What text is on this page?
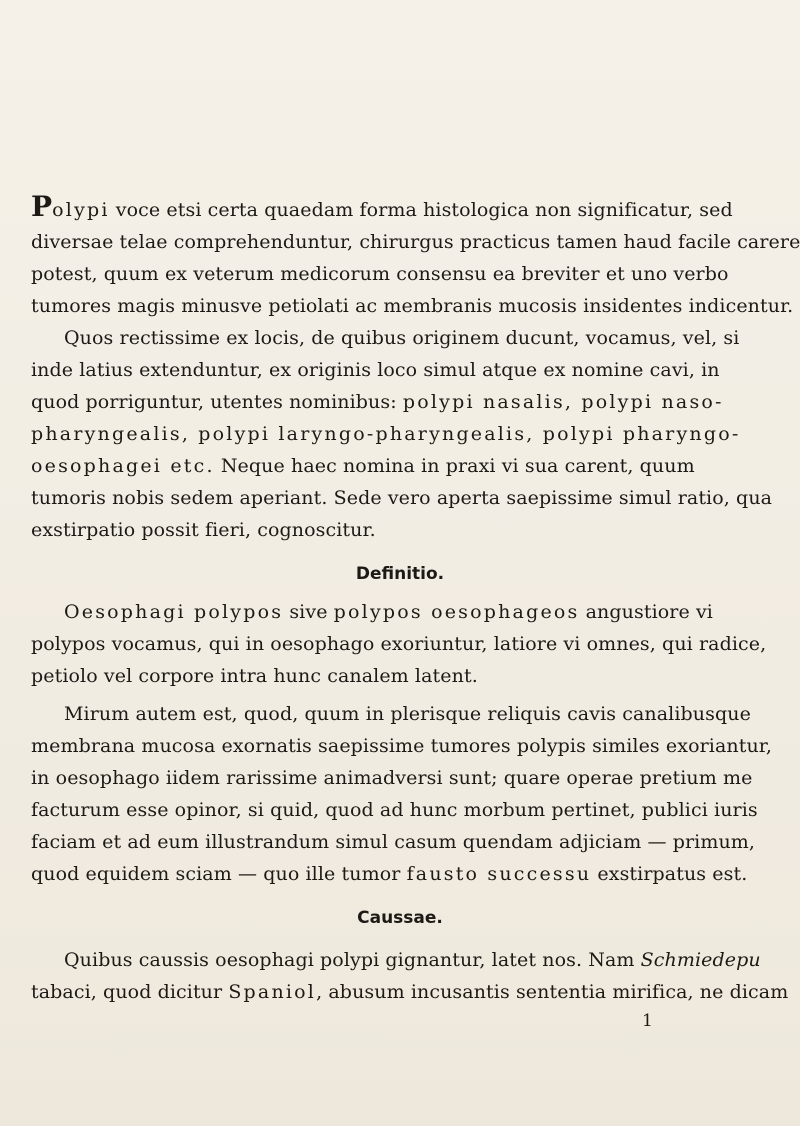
Polypi voce etsi certa quaedam forma histologica non significatur, sed
diversae telae comprehenduntur, chirurgus practicus tamen haud facile carere
potest, quum ex veterum medicorum consensu ea breviter et uno verbo
tumores magis minusve petiolati ac membranis mucosis insidentes indicentur.
Quos rectissime ex locis, de quibus originem ducunt, vocamus, vel, si
inde latius extenduntur, ex originis loco simul atque ex nomine cavi, in
quod porriguntur, utentes nominibus: polypi nasalis, polypi naso-
pharyngealis, polypi laryngo-pharyngealis, polypi pharyngo-
oesophagei etc. Neque haec nomina in praxi vi sua carent, quum
tumoris nobis sedem aperiant. Sede vero aperta saepissime simul ratio, qua
exstirpatio possit fieri, cognoscitur.
Definitio.
Oesophagi polypos sive polypos oesophageos angustiore vi
polypos vocamus, qui in oesophago exoriuntur, latiore vi omnes, qui radice,
petiolo vel corpore intra hunc canalem latent.
Mirum autem est, quod, quum in plerisque reliquis cavis canalibusque
membrana mucosa exornatis saepissime tumores polypis similes exoriantur,
in oesophago iidem rarissime animadversi sunt; quare operae pretium me
facturum esse opinor, si quid, quod ad hunc morbum pertinet, publici iuris
faciam et ad eum illustrandum simul casum quendam adjiciam — primum,
quod equidem sciam — quo ille tumor fausto successu exstirpatus est.
Caussae.
Quibus caussis oesophagi polypi gignantur, latet nos. Nam Schmiedери
tabaci, quod dicitur Spaniol, abusum incusantis sententia mirifica, ne dicam
1
